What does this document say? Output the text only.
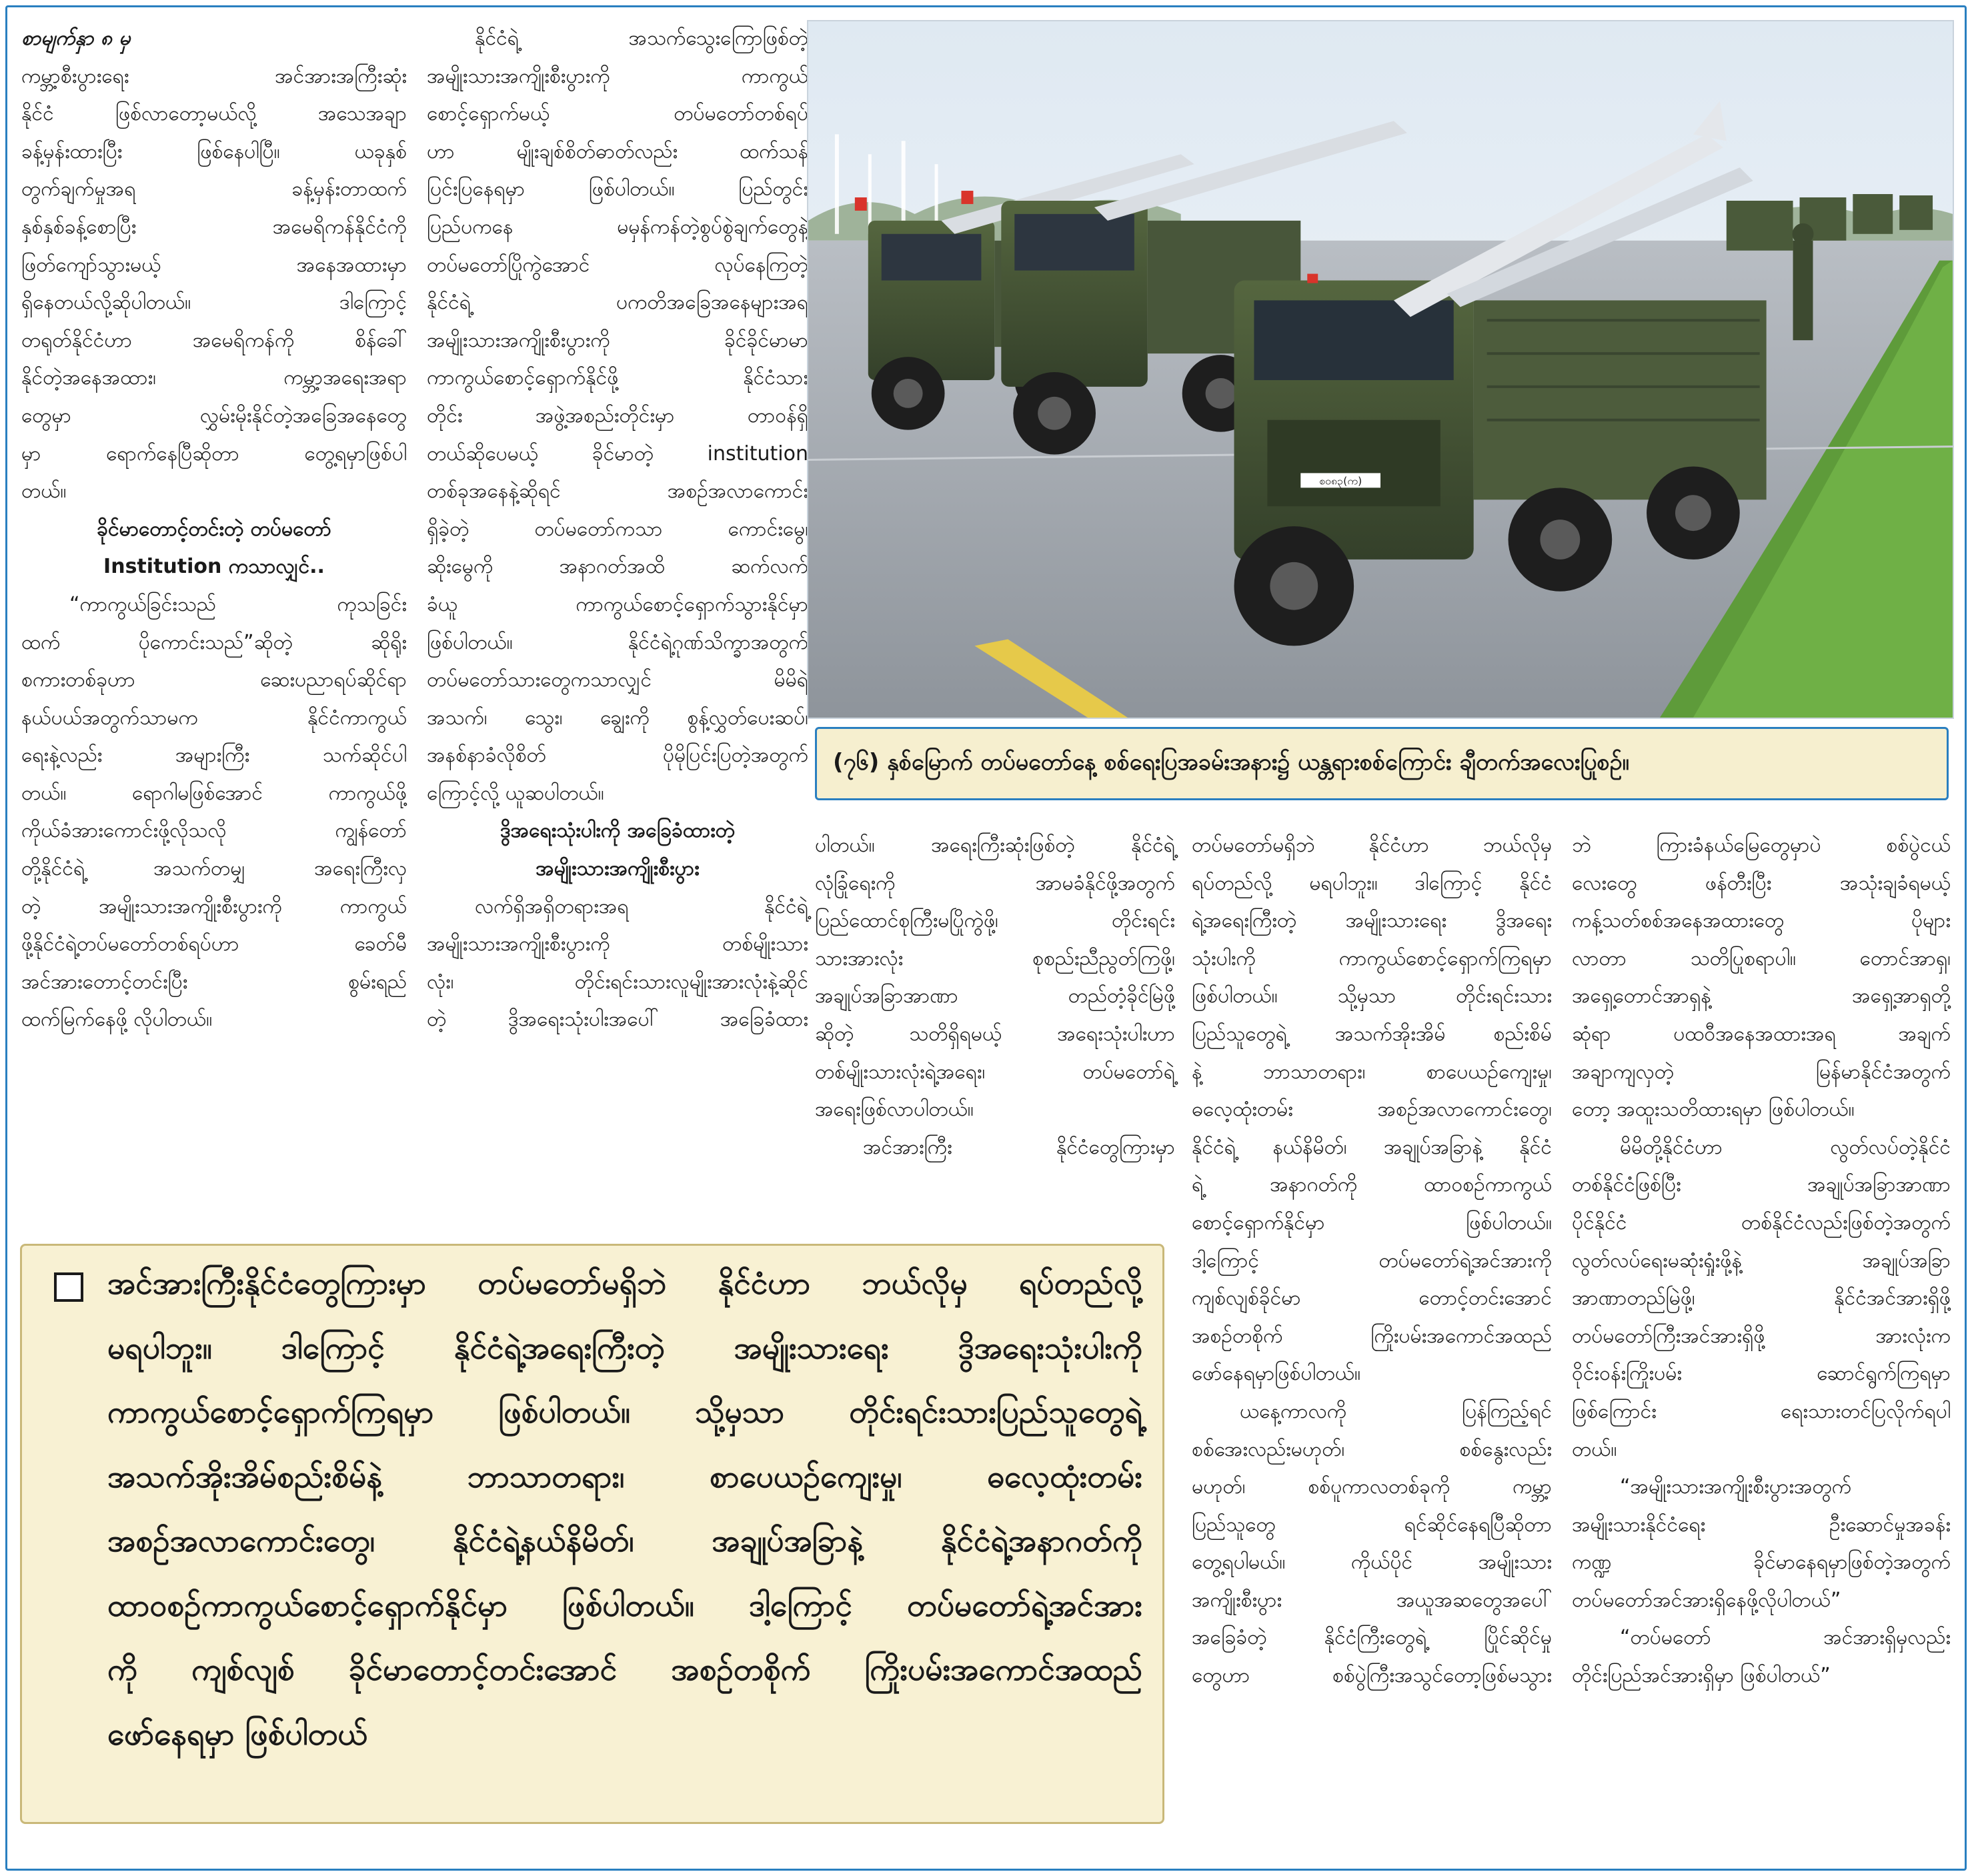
စာမျက်နှာ ၈ မှ

ကမ္ဘာ့စီးပွားရေး အင်အားအကြီးဆုံး

နိုင်ငံ ဖြစ်လာတော့မယ်လို့ အသေအချာ

ခန့်မှန်းထားပြီး ဖြစ်နေပါပြီ။ ယခုနှစ်

တွက်ချက်မှုအရ ခန့်မှန်းတာထက်

နှစ်နှစ်ခန့်စောပြီး အမေရိကန်နိုင်ငံကို

ဖြတ်ကျော်သွားမယ့် အနေအထားမှာ

ရှိနေတယ်လို့ဆိုပါတယ်။ ဒါကြောင့်

တရုတ်နိုင်ငံဟာ အမေရိကန်ကို စိန်ခေါ်

နိုင်တဲ့အနေအထား၊ ကမ္ဘာ့အရေးအရာ

တွေမှာ လွှမ်းမိုးနိုင်တဲ့အခြေအနေတွေ

မှာ ရောက်နေပြီဆိုတာ တွေ့ရမှာဖြစ်ပါ

တယ်။

ခိုင်မာတောင့်တင်းတဲ့ တပ်မတော်

Institution ကသာလျှင်..

“ကာကွယ်ခြင်းသည် ကုသခြင်း

ထက် ပိုကောင်းသည်”ဆိုတဲ့ ဆိုရိုး

စကားတစ်ခုဟာ ဆေးပညာရပ်ဆိုင်ရာ

နယ်ပယ်အတွက်သာမက နိုင်ငံကာကွယ်

ရေးနဲ့လည်း အများကြီး သက်ဆိုင်ပါ

တယ်။ ရောဂါမဖြစ်အောင် ကာကွယ်ဖို့

ကိုယ်ခံအားကောင်းဖို့လိုသလို ကျွန်တော်

တို့နိုင်ငံရဲ့ အသက်တမျှ အရေးကြီးလှ

တဲ့ အမျိုးသားအကျိုးစီးပွားကို ကာကွယ်

ဖို့နိုင်ငံရဲ့တပ်မတော်တစ်ရပ်ဟာ ခေတ်မီ

အင်အားတောင့်တင်းပြီး စွမ်းရည်

ထက်မြက်နေဖို့ လိုပါတယ်။

နိုင်ငံရဲ့ အသက်သွေးကြောဖြစ်တဲ့

အမျိုးသားအကျိုးစီးပွားကို ကာကွယ်

စောင့်ရှောက်မယ့် တပ်မတော်တစ်ရပ်

ဟာ မျိုးချစ်စိတ်ဓာတ်လည်း ထက်သန်

ပြင်းပြနေရမှာ ဖြစ်ပါတယ်။ ပြည်တွင်း

ပြည်ပကနေ မမှန်ကန်တဲ့စွပ်စွဲချက်တွေနဲ့

တပ်မတော်ပြိုကွဲအောင် လုပ်နေကြတဲ့

နိုင်ငံရဲ့ ပကတိအခြေအနေများအရ

အမျိုးသားအကျိုးစီးပွားကို ခိုင်ခိုင်မာမာ

ကာကွယ်စောင့်ရှောက်နိုင်ဖို့ နိုင်ငံသား

တိုင်း အဖွဲ့အစည်းတိုင်းမှာ တာဝန်ရှိ

တယ်ဆိုပေမယ့် ခိုင်မာတဲ့ institution

တစ်ခုအနေနဲ့ဆိုရင် အစဉ်အလာကောင်း

ရှိခဲ့တဲ့ တပ်မတော်ကသာ ကောင်းမွေ၊

ဆိုးမွေကို အနာဂတ်အထိ ဆက်လက်

ခံယူ ကာကွယ်စောင့်ရှောက်သွားနိုင်မှာ

ဖြစ်ပါတယ်။ နိုင်ငံရဲ့ဂုဏ်သိက္ခာအတွက်

တပ်မတော်သားတွေကသာလျှင် မိမိရဲ့

အသက်၊ သွေး၊ ချွေးကို စွန့်လွှတ်ပေးဆပ်၊

အနစ်နာခံလိုစိတ် ပိုမိုပြင်းပြတဲ့အတွက်

ကြောင့်လို့ ယူဆပါတယ်။

ဒွိအရေးသုံးပါးကို အခြေခံထားတဲ့

အမျိုးသားအကျိုးစီးပွား

လက်ရှိအရှိတရားအရ နိုင်ငံရဲ့

အမျိုးသားအကျိုးစီးပွားကို တစ်မျိုးသား

လုံး၊ တိုင်းရင်းသားလူမျိုးအားလုံးနဲ့ဆိုင်

တဲ့ ဒွိအရေးသုံးပါးအပေါ် အခြေခံထား

စ၀၈၃(က)
(၇၆) နှစ်မြောက် တပ်မတော်နေ့ စစ်ရေးပြအခမ်းအနား၌ ယန္တရားစစ်ကြောင်း ချီတက်အလေးပြုစဉ်။

ပါတယ်။ အရေးကြီးဆုံးဖြစ်တဲ့ နိုင်ငံရဲ့

လုံခြုံရေးကို အာမခံနိုင်ဖို့အတွက်

ပြည်ထောင်စုကြီးမပြိုကွဲဖို့၊ တိုင်းရင်း

သားအားလုံး စုစည်းညီညွတ်ကြဖို့၊

အချုပ်အခြာအာဏာ တည်တံ့ခိုင်မြဲဖို့

ဆိုတဲ့ သတိရှိရမယ့် အရေးသုံးပါးဟာ

တစ်မျိုးသားလုံးရဲ့အရေး၊ တပ်မတော်ရဲ့

အရေးဖြစ်လာပါတယ်။

အင်အားကြီး နိုင်ငံတွေကြားမှာ

တပ်မတော်မရှိဘဲ နိုင်ငံဟာ ဘယ်လိုမှ

ရပ်တည်လို့ မရပါဘူး။ ဒါကြောင့် နိုင်ငံ

ရဲ့အရေးကြီးတဲ့ အမျိုးသားရေး ဒွိအရေး

သုံးပါးကို ကာကွယ်စောင့်ရှောက်ကြရမှာ

ဖြစ်ပါတယ်။ သို့မှသာ တိုင်းရင်းသား

ပြည်သူတွေရဲ့ အသက်အိုးအိမ် စည်းစိမ်

နဲ့ ဘာသာတရား၊ စာပေယဉ်ကျေးမှု၊

ဓလေ့ထုံးတမ်း အစဉ်အလာကောင်းတွေ၊

နိုင်ငံရဲ့ နယ်နိမိတ်၊ အချုပ်အခြာနဲ့ နိုင်ငံ

ရဲ့ အနာဂတ်ကို ထာဝစဉ်ကာကွယ်

စောင့်ရှောက်နိုင်မှာ ဖြစ်ပါတယ်။

ဒါ့ကြောင့် တပ်မတော်ရဲ့အင်အားကို

ကျစ်လျစ်ခိုင်မာ တောင့်တင်းအောင်

အစဉ်တစိုက် ကြိုးပမ်းအကောင်အထည်

ဖော်နေရမှာဖြစ်ပါတယ်။

ယနေ့ကာလကို ပြန်ကြည့်ရင်

စစ်အေးလည်းမဟုတ်၊ စစ်နွေးလည်း

မဟုတ်၊ စစ်ပူကာလတစ်ခုကို ကမ္ဘာ့

ပြည်သူတွေ ရင်ဆိုင်နေရပြီဆိုတာ

တွေ့ရပါမယ်။ ကိုယ်ပိုင် အမျိုးသား

အကျိုးစီးပွား အယူအဆတွေအပေါ်

အခြေခံတဲ့ နိုင်ငံကြီးတွေရဲ့ ပြိုင်ဆိုင်မှု

တွေဟာ စစ်ပွဲကြီးအသွင်တော့ဖြစ်မသွား

ဘဲ ကြားခံနယ်မြေတွေမှာပဲ စစ်ပွဲငယ်

လေးတွေ ဖန်တီးပြီး အသုံးချခံရမယ့်

ကန့်သတ်စစ်အနေအထားတွေ ပိုများ

လာတာ သတိပြုစရာပါ။ တောင်အာရှ၊

အရှေ့တောင်အာရှနဲ့ အရှေ့အာရှတို့

ဆုံရာ ပထဝီအနေအထားအရ အချက်

အချာကျလှတဲ့ မြန်မာနိုင်ငံအတွက်

တော့ အထူးသတိထားရမှာ ဖြစ်ပါတယ်။

မိမိတို့နိုင်ငံဟာ လွတ်လပ်တဲ့နိုင်ငံ

တစ်နိုင်ငံဖြစ်ပြီး အချုပ်အခြာအာဏာ

ပိုင်နိုင်ငံ တစ်နိုင်ငံလည်းဖြစ်တဲ့အတွက်

လွတ်လပ်ရေးမဆုံးရှုံးဖို့နဲ့ အချုပ်အခြာ

အာဏာတည်မြဲဖို့၊ နိုင်ငံအင်အားရှိဖို့

တပ်မတော်ကြီးအင်အားရှိဖို့ အားလုံးက

ဝိုင်းဝန်းကြိုးပမ်း ဆောင်ရွက်ကြရမှာ

ဖြစ်ကြောင်း ရေးသားတင်ပြလိုက်ရပါ

တယ်။

“အမျိုးသားအကျိုးစီးပွားအတွက်

အမျိုးသားနိုင်ငံရေး ဦးဆောင်မှုအခန်း

ကဏ္ဍ ခိုင်မာနေရမှာဖြစ်တဲ့အတွက်

တပ်မတော်အင်အားရှိနေဖို့လိုပါတယ်”

“တပ်မတော် အင်အားရှိမှလည်း

တိုင်းပြည်အင်အားရှိမှာ ဖြစ်ပါတယ်”

အင်အားကြီးနိုင်ငံတွေကြားမှာ တပ်မတော်မရှိဘဲ နိုင်ငံဟာ ဘယ်လိုမှ ရပ်တည်လို့

မရပါဘူး။ ဒါကြောင့် နိုင်ငံရဲ့အရေးကြီးတဲ့ အမျိုးသားရေး ဒွိအရေးသုံးပါးကို

ကာကွယ်စောင့်ရှောက်ကြရမှာ ဖြစ်ပါတယ်။ သို့မှသာ တိုင်းရင်းသားပြည်သူတွေရဲ့

အသက်အိုးအိမ်စည်းစိမ်နဲ့ ဘာသာတရား၊ စာပေယဉ်ကျေးမှု၊ ဓလေ့ထုံးတမ်း

အစဉ်အလာကောင်းတွေ၊ နိုင်ငံရဲ့နယ်နိမိတ်၊ အချုပ်အခြာနဲ့ နိုင်ငံရဲ့အနာဂတ်ကို

ထာဝစဉ်ကာကွယ်စောင့်ရှောက်နိုင်မှာ ဖြစ်ပါတယ်။ ဒါ့ကြောင့် တပ်မတော်ရဲ့အင်အား

ကို ကျစ်လျစ် ခိုင်မာတောင့်တင်းအောင် အစဉ်တစိုက် ကြိုးပမ်းအကောင်အထည်

ဖော်နေရမှာ ဖြစ်ပါတယ်
